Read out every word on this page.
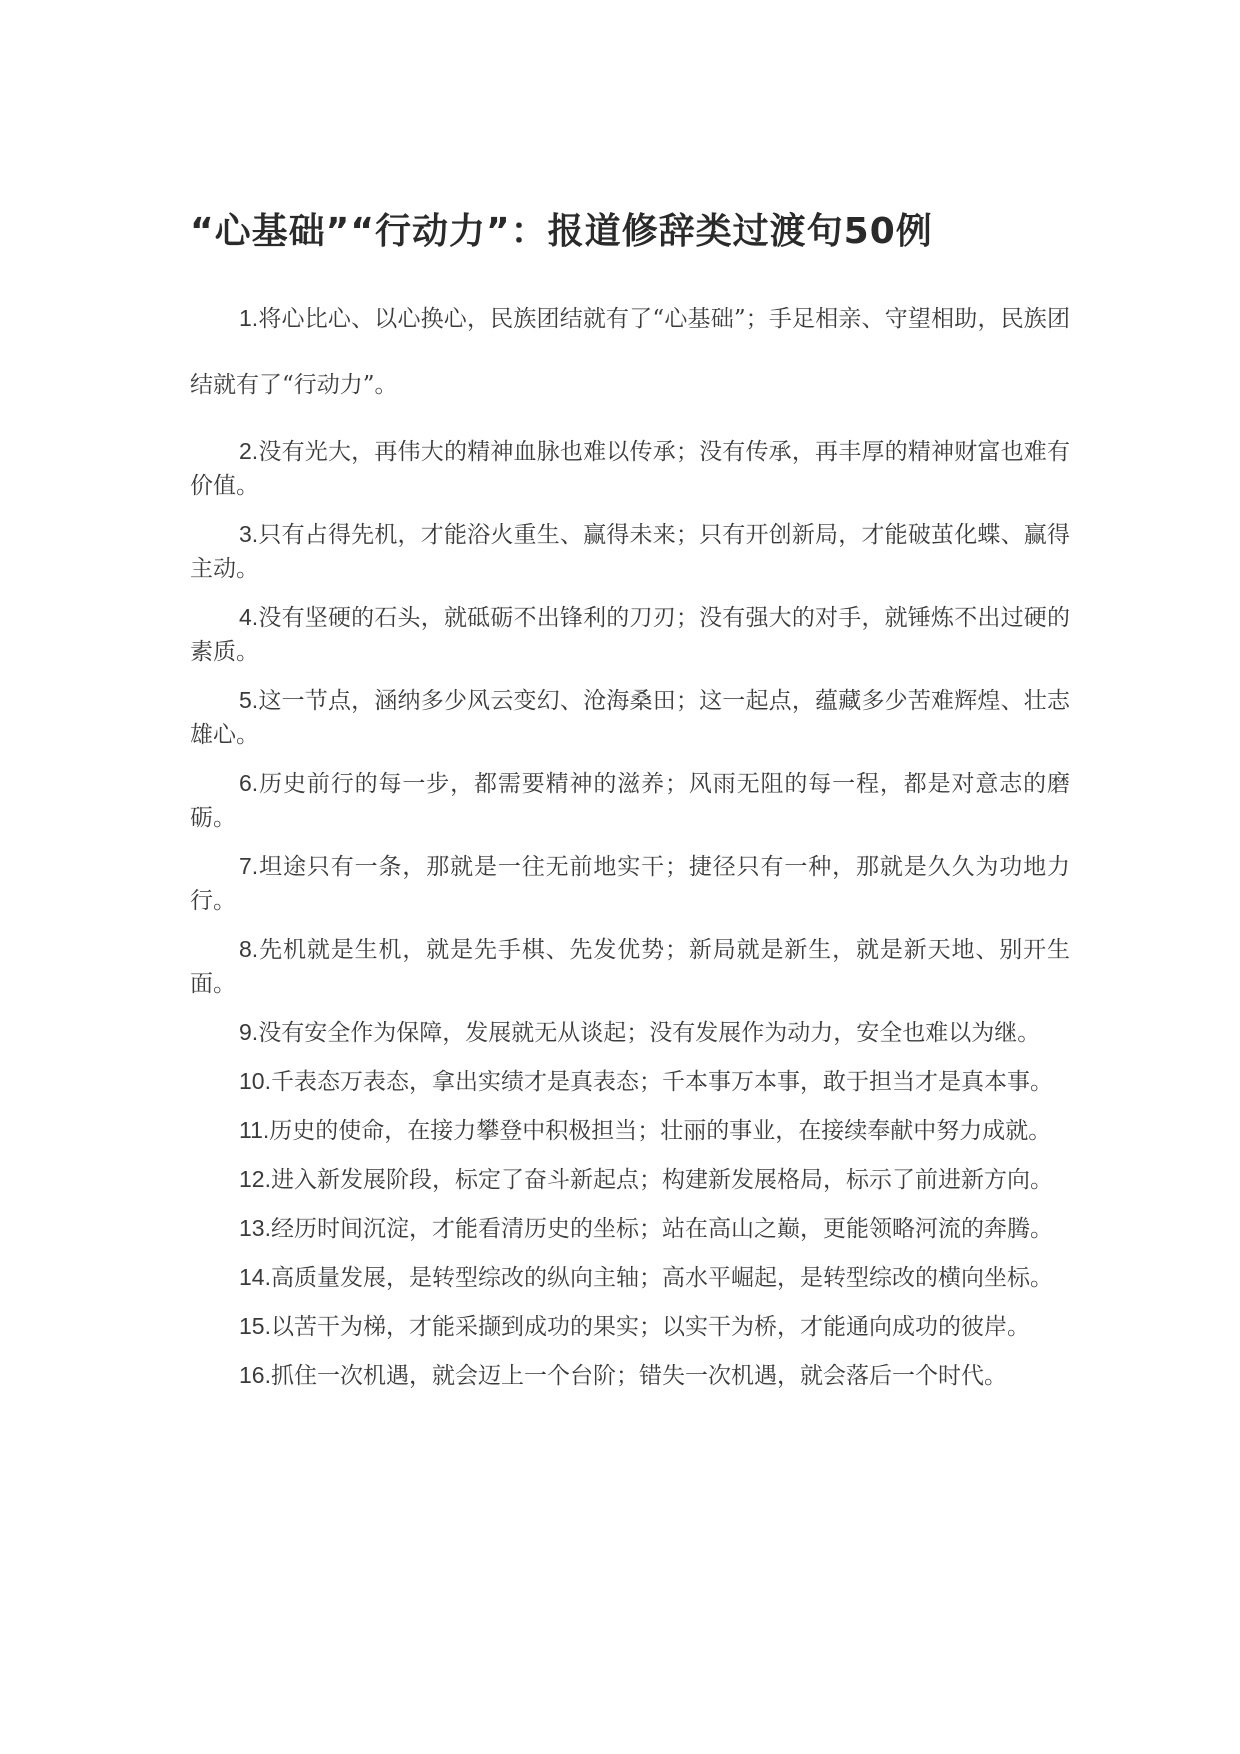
“心基础”“行动力”：报道修辞类过渡句50例

1.将心比心、以心换心，民族团结就有了“心基础”；手足相亲、守望相助，民族团结就有了“行动力”。

2.没有光大，再伟大的精神血脉也难以传承；没有传承，再丰厚的精神财富也难有价值。

3.只有占得先机，才能浴火重生、赢得未来；只有开创新局，才能破茧化蝶、赢得主动。

4.没有坚硬的石头，就砥砺不出锋利的刀刃；没有强大的对手，就锤炼不出过硬的素质。

5.这一节点，涵纳多少风云变幻、沧海桑田；这一起点，蕴藏多少苦难辉煌、壮志雄心。

6.历史前行的每一步，都需要精神的滋养；风雨无阻的每一程，都是对意志的磨砺。

7.坦途只有一条，那就是一往无前地实干；捷径只有一种，那就是久久为功地力行。

8.先机就是生机，就是先手棋、先发优势；新局就是新生，就是新天地、别开生面。

9.没有安全作为保障，发展就无从谈起；没有发展作为动力，安全也难以为继。

10.千表态万表态，拿出实绩才是真表态；千本事万本事，敢于担当才是真本事。

11.历史的使命，在接力攀登中积极担当；壮丽的事业，在接续奉献中努力成就。

12.进入新发展阶段，标定了奋斗新起点；构建新发展格局，标示了前进新方向。

13.经历时间沉淀，才能看清历史的坐标；站在高山之巅，更能领略河流的奔腾。

14.高质量发展，是转型综改的纵向主轴；高水平崛起，是转型综改的横向坐标。

15.以苦干为梯，才能采撷到成功的果实；以实干为桥，才能通向成功的彼岸。

16.抓住一次机遇，就会迈上一个台阶；错失一次机遇，就会落后一个时代。
